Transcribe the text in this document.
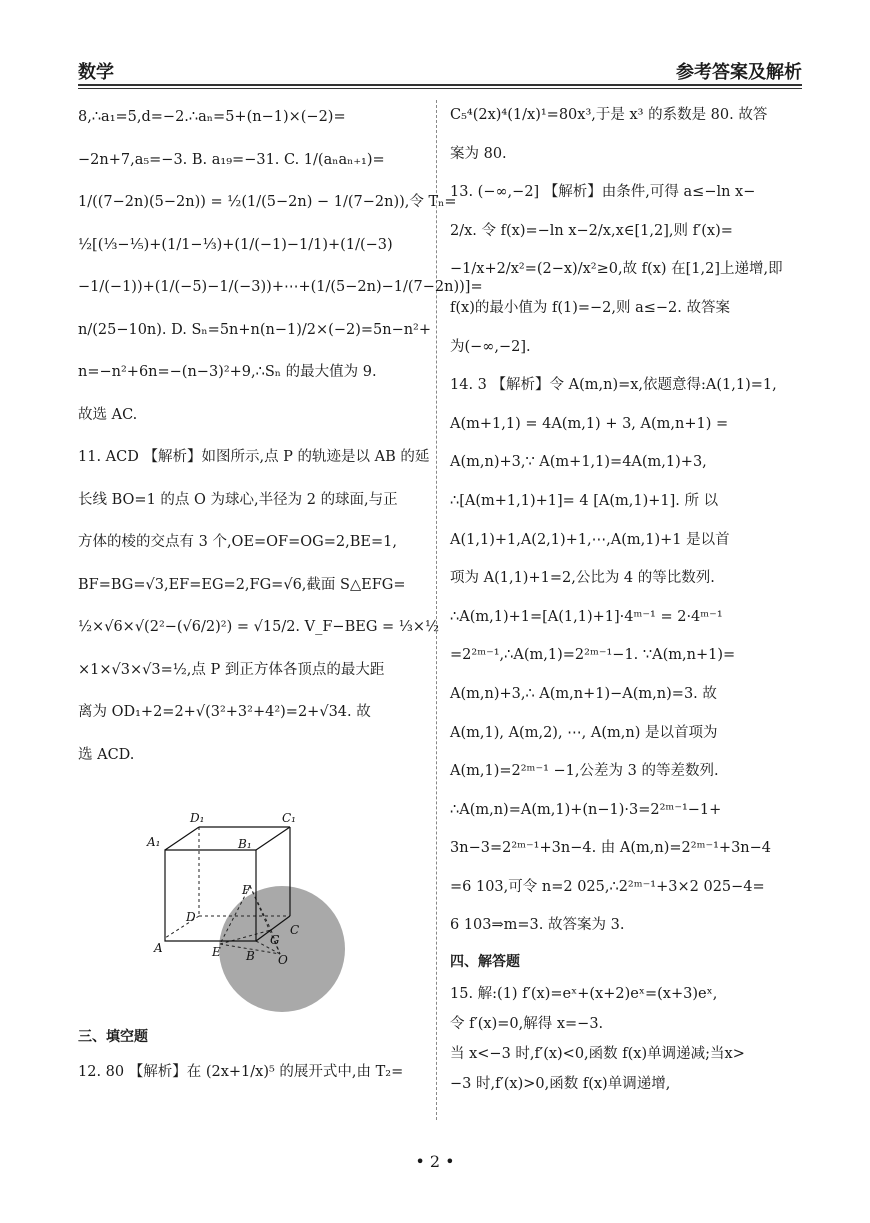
数学	参考答案及解析
8,∴a₁=5,d=−2.∴aₙ=5+(n−1)×(−2)=
−2n+7,a₅=−3. B. a₁₉=−31. C. 1/(aₙaₙ₊₁)=
1/((7−2n)(5−2n)) = ½(1/(5−2n) − 1/(7−2n)),令 Tₙ=
½[(⅓−⅕)+(1/1−⅓)+(1/(−1)−1/1)+(1/(−3)
−1/(−1))+(1/(−5)−1/(−3))+⋯+(1/(5−2n)−1/(7−2n))]=
n/(25−10n). D. Sₙ=5n+n(n−1)/2×(−2)=5n−n²+
n=−n²+6n=−(n−3)²+9,∴Sₙ 的最大值为 9.
故选 AC.
11. ACD 【解析】如图所示,点 P 的轨迹是以 AB 的延
长线 BO=1 的点 O 为球心,半径为 2 的球面,与正
方体的棱的交点有 3 个,OE=OF=OG=2,BE=1,
BF=BG=√3,EF=EG=2,FG=√6,截面 S△EFG=
½×√6×√(2²−(√6/2)²) = √15/2. V_F−BEG = ⅓×½
×1×√3×√3=½,点 P 到正方体各顶点的最大距
离为 OD₁+2=2+√(3²+3²+4²)=2+√34. 故
选 ACD.
三、填空题
12. 80 【解析】在 (2x+1/x)⁵ 的展开式中,由 T₂=
C₅⁴(2x)⁴(1/x)¹=80x³,于是 x³ 的系数是 80. 故答
案为 80.
13. (−∞,−2] 【解析】由条件,可得 a≤−ln x−
2/x. 令 f(x)=−ln x−2/x,x∈[1,2],则 f′(x)=
−1/x+2/x²=(2−x)/x²≥0,故 f(x) 在[1,2]上递增,即
f(x)的最小值为 f(1)=−2,则 a≤−2. 故答案
为(−∞,−2].
14. 3 【解析】令 A(m,n)=x,依题意得:A(1,1)=1,
A(m+1,1) = 4A(m,1) + 3, A(m,n+1) =
A(m,n)+3,∵ A(m+1,1)=4A(m,1)+3,
∴[A(m+1,1)+1]= 4 [A(m,1)+1]. 所 以
A(1,1)+1,A(2,1)+1,⋯,A(m,1)+1 是以首
项为 A(1,1)+1=2,公比为 4 的等比数列.
∴A(m,1)+1=[A(1,1)+1]·4ᵐ⁻¹ = 2·4ᵐ⁻¹
=2²ᵐ⁻¹,∴A(m,1)=2²ᵐ⁻¹−1. ∵A(m,n+1)=
A(m,n)+3,∴ A(m,n+1)−A(m,n)=3. 故
A(m,1), A(m,2), ⋯, A(m,n) 是以首项为
A(m,1)=2²ᵐ⁻¹ −1,公差为 3 的等差数列.
∴A(m,n)=A(m,1)+(n−1)·3=2²ᵐ⁻¹−1+
3n−3=2²ᵐ⁻¹+3n−4. 由 A(m,n)=2²ᵐ⁻¹+3n−4
=6 103,可令 n=2 025,∴2²ᵐ⁻¹+3×2 025−4=
6 103⇒m=3. 故答案为 3.
四、解答题
15. 解:(1) f′(x)=eˣ+(x+2)eˣ=(x+3)eˣ,
令 f′(x)=0,解得 x=−3.
当 x<−3 时,f′(x)<0,函数 f(x)单调递减;当x>
−3 时,f′(x)>0,函数 f(x)单调递增,
D₁	C₁
A₁	B₁
F
D
C
G
A	E B O
• 2 •
